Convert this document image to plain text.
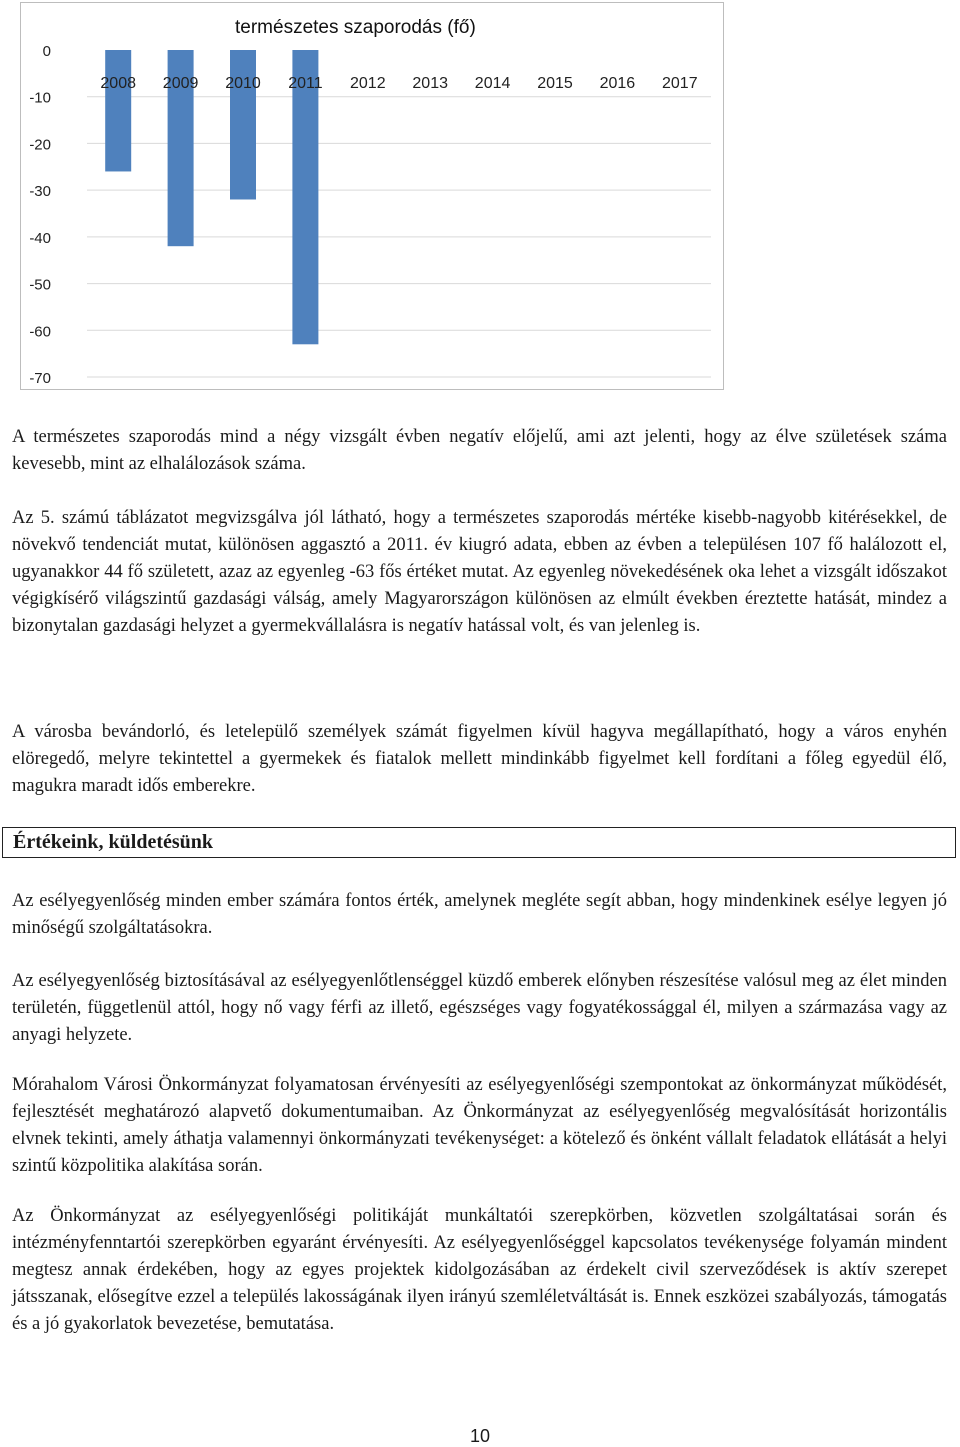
0
-10
-20
-30
-40
-50
-60
-70
2008 2009 2010 2011 2012 2013 2014 2015 2016 2017
természetes szaporodás (fő)

A természetes szaporodás mind a négy vizsgált évben negatív előjelű, ami azt jelenti, hogy az élve születések száma kevesebb, mint az elhalálozások száma.

Az 5. számú táblázatot megvizsgálva jól látható, hogy a természetes szaporodás mértéke kisebb-nagyobb kitérésekkel, de növekvő tendenciát mutat, különösen aggasztó a 2011. év kiugró adata, ebben az évben a településen 107 fő halálozott el, ugyanakkor 44 fő született, azaz az egyenleg -63 fős értéket mutat. Az egyenleg növekedésének oka lehet a vizsgált időszakot végigkísérő világszintű gazdasági válság, amely Magyarországon különösen az elmúlt években éreztette hatását, mindez a bizonytalan gazdasági helyzet a gyermekvállalásra is negatív hatással volt, és van jelenleg is.

A városba bevándorló, és letelepülő személyek számát figyelmen kívül hagyva megállapítható, hogy a város enyhén elöregedő, melyre tekintettel a gyermekek és fiatalok mellett mindinkább figyelmet kell fordítani a főleg egyedül élő, magukra maradt idős emberekre.

Értékeink, küldetésünk

Az esélyegyenlőség minden ember számára fontos érték, amelynek megléte segít abban, hogy mindenkinek esélye legyen jó minőségű szolgáltatásokra.

Az esélyegyenlőség biztosításával az esélyegyenlőtlenséggel küzdő emberek előnyben részesítése valósul meg az élet minden területén, függetlenül attól, hogy nő vagy férfi az illető, egészséges vagy fogyatékossággal él, milyen a származása vagy az anyagi helyzete.

Mórahalom Városi Önkormányzat folyamatosan érvényesíti az esélyegyenlőségi szempontokat az önkormányzat működését, fejlesztését meghatározó alapvető dokumentumaiban. Az Önkormányzat az esélyegyenlőség megvalósítását horizontális elvnek tekinti, amely áthatja valamennyi önkormányzati tevékenységet: a kötelező és önként vállalt feladatok ellátását a helyi szintű közpolitika alakítása során.

Az Önkormányzat az esélyegyenlőségi politikáját munkáltatói szerepkörben, közvetlen szolgáltatásai során és intézményfenntartói szerepkörben egyaránt érvényesíti. Az esélyegyenlőséggel kapcsolatos tevékenysége folyamán mindent megtesz annak érdekében, hogy az egyes projektek kidolgozásában az érdekelt civil szerveződések is aktív szerepet játsszanak, elősegítve ezzel a település lakosságának ilyen irányú szemléletváltását is. Ennek eszközei szabályozás, támogatás és a jó gyakorlatok bevezetése, bemutatása.

10
